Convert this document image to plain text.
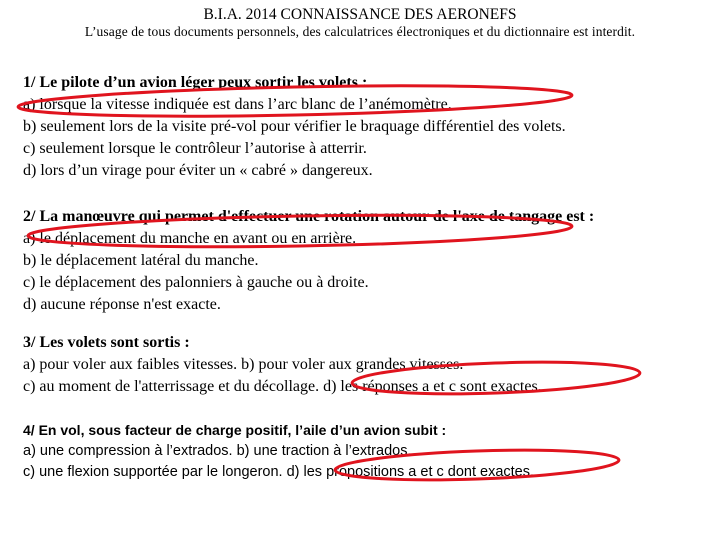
B.I.A. 2014 CONNAISSANCE DES AERONEFS
L’usage de tous documents personnels, des calculatrices électroniques et du dictionnaire est interdit.
1/ Le pilote d’un avion léger peux sortir les volets :
a) lorsque la vitesse indiquée est dans l’arc blanc de l’anémomètre.
b) seulement lors de la visite pré-vol pour vérifier le braquage différentiel des volets.
c) seulement lorsque le contrôleur l’autorise à atterrir.
d) lors d’un virage pour éviter un « cabré » dangereux.
2/ La manœuvre qui permet d'effectuer une rotation autour de l'axe de tangage est :
a) le déplacement du manche en avant ou en arrière.
b) le déplacement latéral du manche.
c) le déplacement des palonniers à gauche ou à droite.
d) aucune réponse n'est exacte.
3/ Les volets sont sortis :
a) pour voler aux faibles vitesses. b) pour voler aux grandes vitesses.
c) au moment de l'atterrissage et du décollage. d) les réponses a et c sont exactes.
4/ En vol, sous facteur de charge positif, l’aile d’un avion subit :
a) une compression à l’extrados. b) une traction à l’extrados.
c) une flexion supportée par le longeron. d) les propositions a et c dont exactes.
